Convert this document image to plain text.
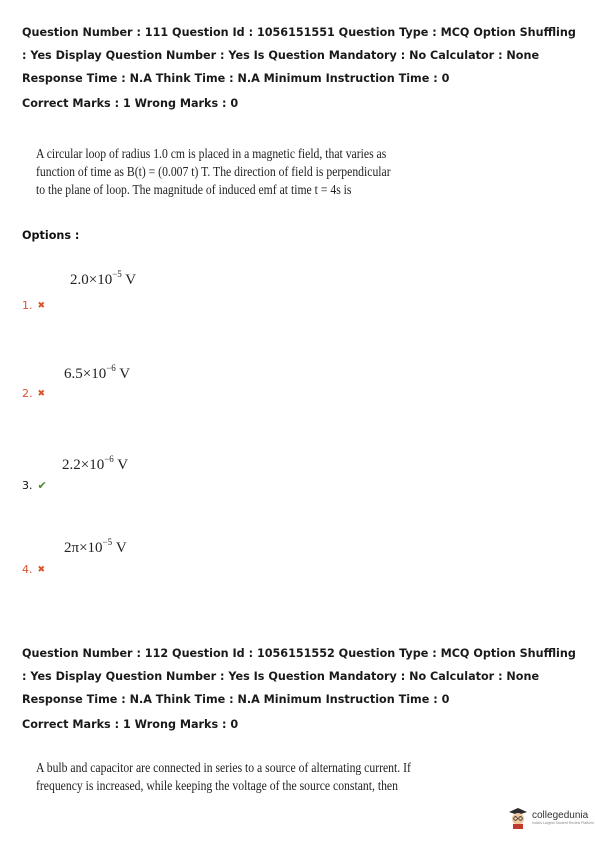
Question Number : 111 Question Id : 1056151551 Question Type : MCQ Option Shuffling : Yes Display Question Number : Yes Is Question Mandatory : No Calculator : None Response Time : N.A Think Time : N.A Minimum Instruction Time : 0
Correct Marks : 1 Wrong Marks : 0
A circular loop of radius 1.0 cm is placed in a magnetic field, that varies as function of time as B(t) = (0.007 t) T. The direction of field is perpendicular to the plane of loop. The magnitude of induced emf at time t = 4s is
Options :
$2.0\times 10^{-5}$ V
1. ✖
$6.5\times 10^{-6}$ V
2. ✖
$2.2\times 10^{-6}$ V
3. ✔
$2\pi\times 10^{-5}$ V
4. ✖
Question Number : 112 Question Id : 1056151552 Question Type : MCQ Option Shuffling : Yes Display Question Number : Yes Is Question Mandatory : No Calculator : None Response Time : N.A Think Time : N.A Minimum Instruction Time : 0
Correct Marks : 1 Wrong Marks : 0
A bulb and capacitor are connected in series to a source of alternating current. If frequency is increased, while keeping the voltage of the source constant, then
collegedunia
India's Largest Student Review Platform
